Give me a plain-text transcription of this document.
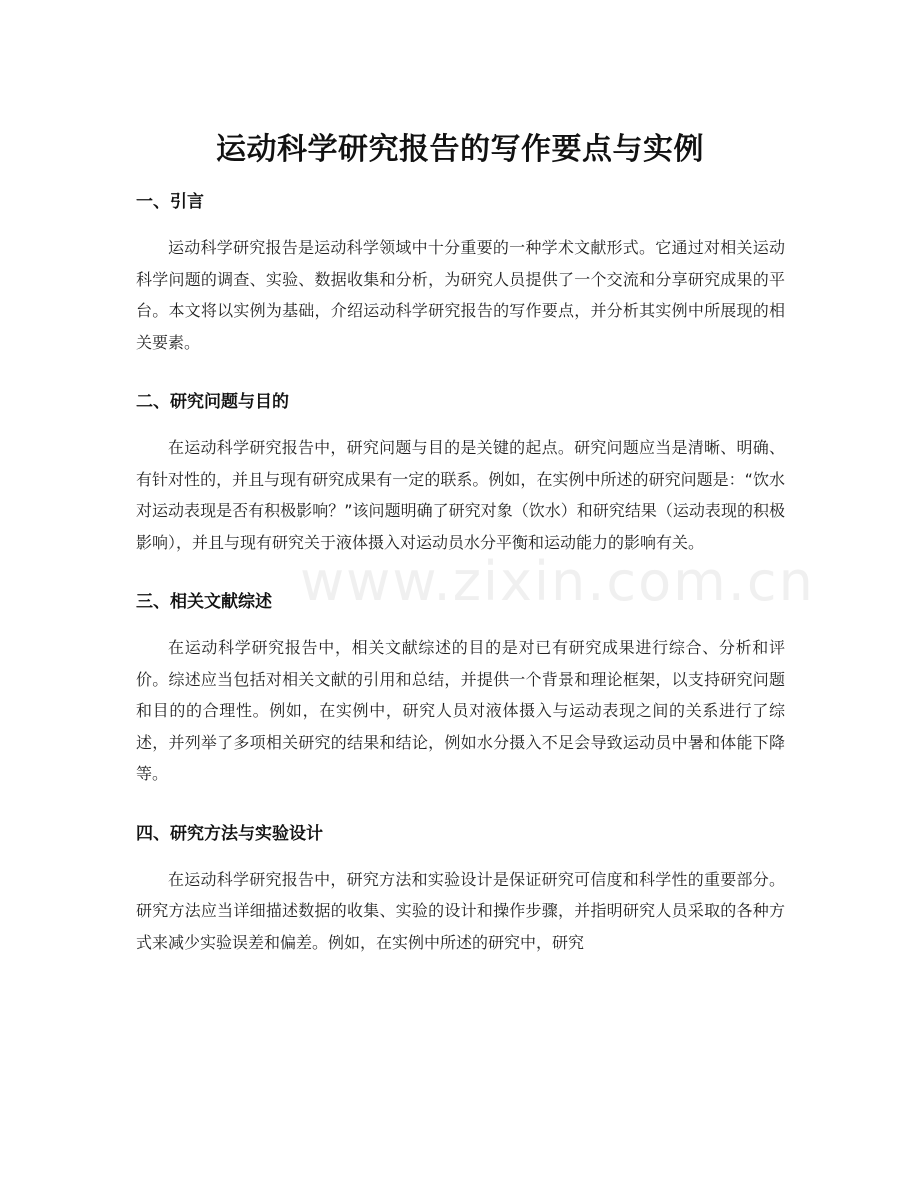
www.zixin.com.cn
运动科学研究报告的写作要点与实例
一、引言

运动科学研究报告是运动科学领域中十分重要的一种学术文献形式。它通过对相关运动科学问题的调查、实验、数据收集和分析，为研究人员提供了一个交流和分享研究成果的平台。本文将以实例为基础，介绍运动科学研究报告的写作要点，并分析其实例中所展现的相关要素。

二、研究问题与目的

在运动科学研究报告中，研究问题与目的是关键的起点。研究问题应当是清晰、明确、有针对性的，并且与现有研究成果有一定的联系。例如，在实例中所述的研究问题是：“饮水对运动表现是否有积极影响？”该问题明确了研究对象（饮水）和研究结果（运动表现的积极影响），并且与现有研究关于液体摄入对运动员水分平衡和运动能力的影响有关。

三、相关文献综述

在运动科学研究报告中，相关文献综述的目的是对已有研究成果进行综合、分析和评价。综述应当包括对相关文献的引用和总结，并提供一个背景和理论框架，以支持研究问题和目的的合理性。例如，在实例中，研究人员对液体摄入与运动表现之间的关系进行了综述，并列举了多项相关研究的结果和结论，例如水分摄入不足会导致运动员中暑和体能下降等。

四、研究方法与实验设计

在运动科学研究报告中，研究方法和实验设计是保证研究可信度和科学性的重要部分。研究方法应当详细描述数据的收集、实验的设计和操作步骤，并指明研究人员采取的各种方式来减少实验误差和偏差。例如，在实例中所述的研究中，研究
